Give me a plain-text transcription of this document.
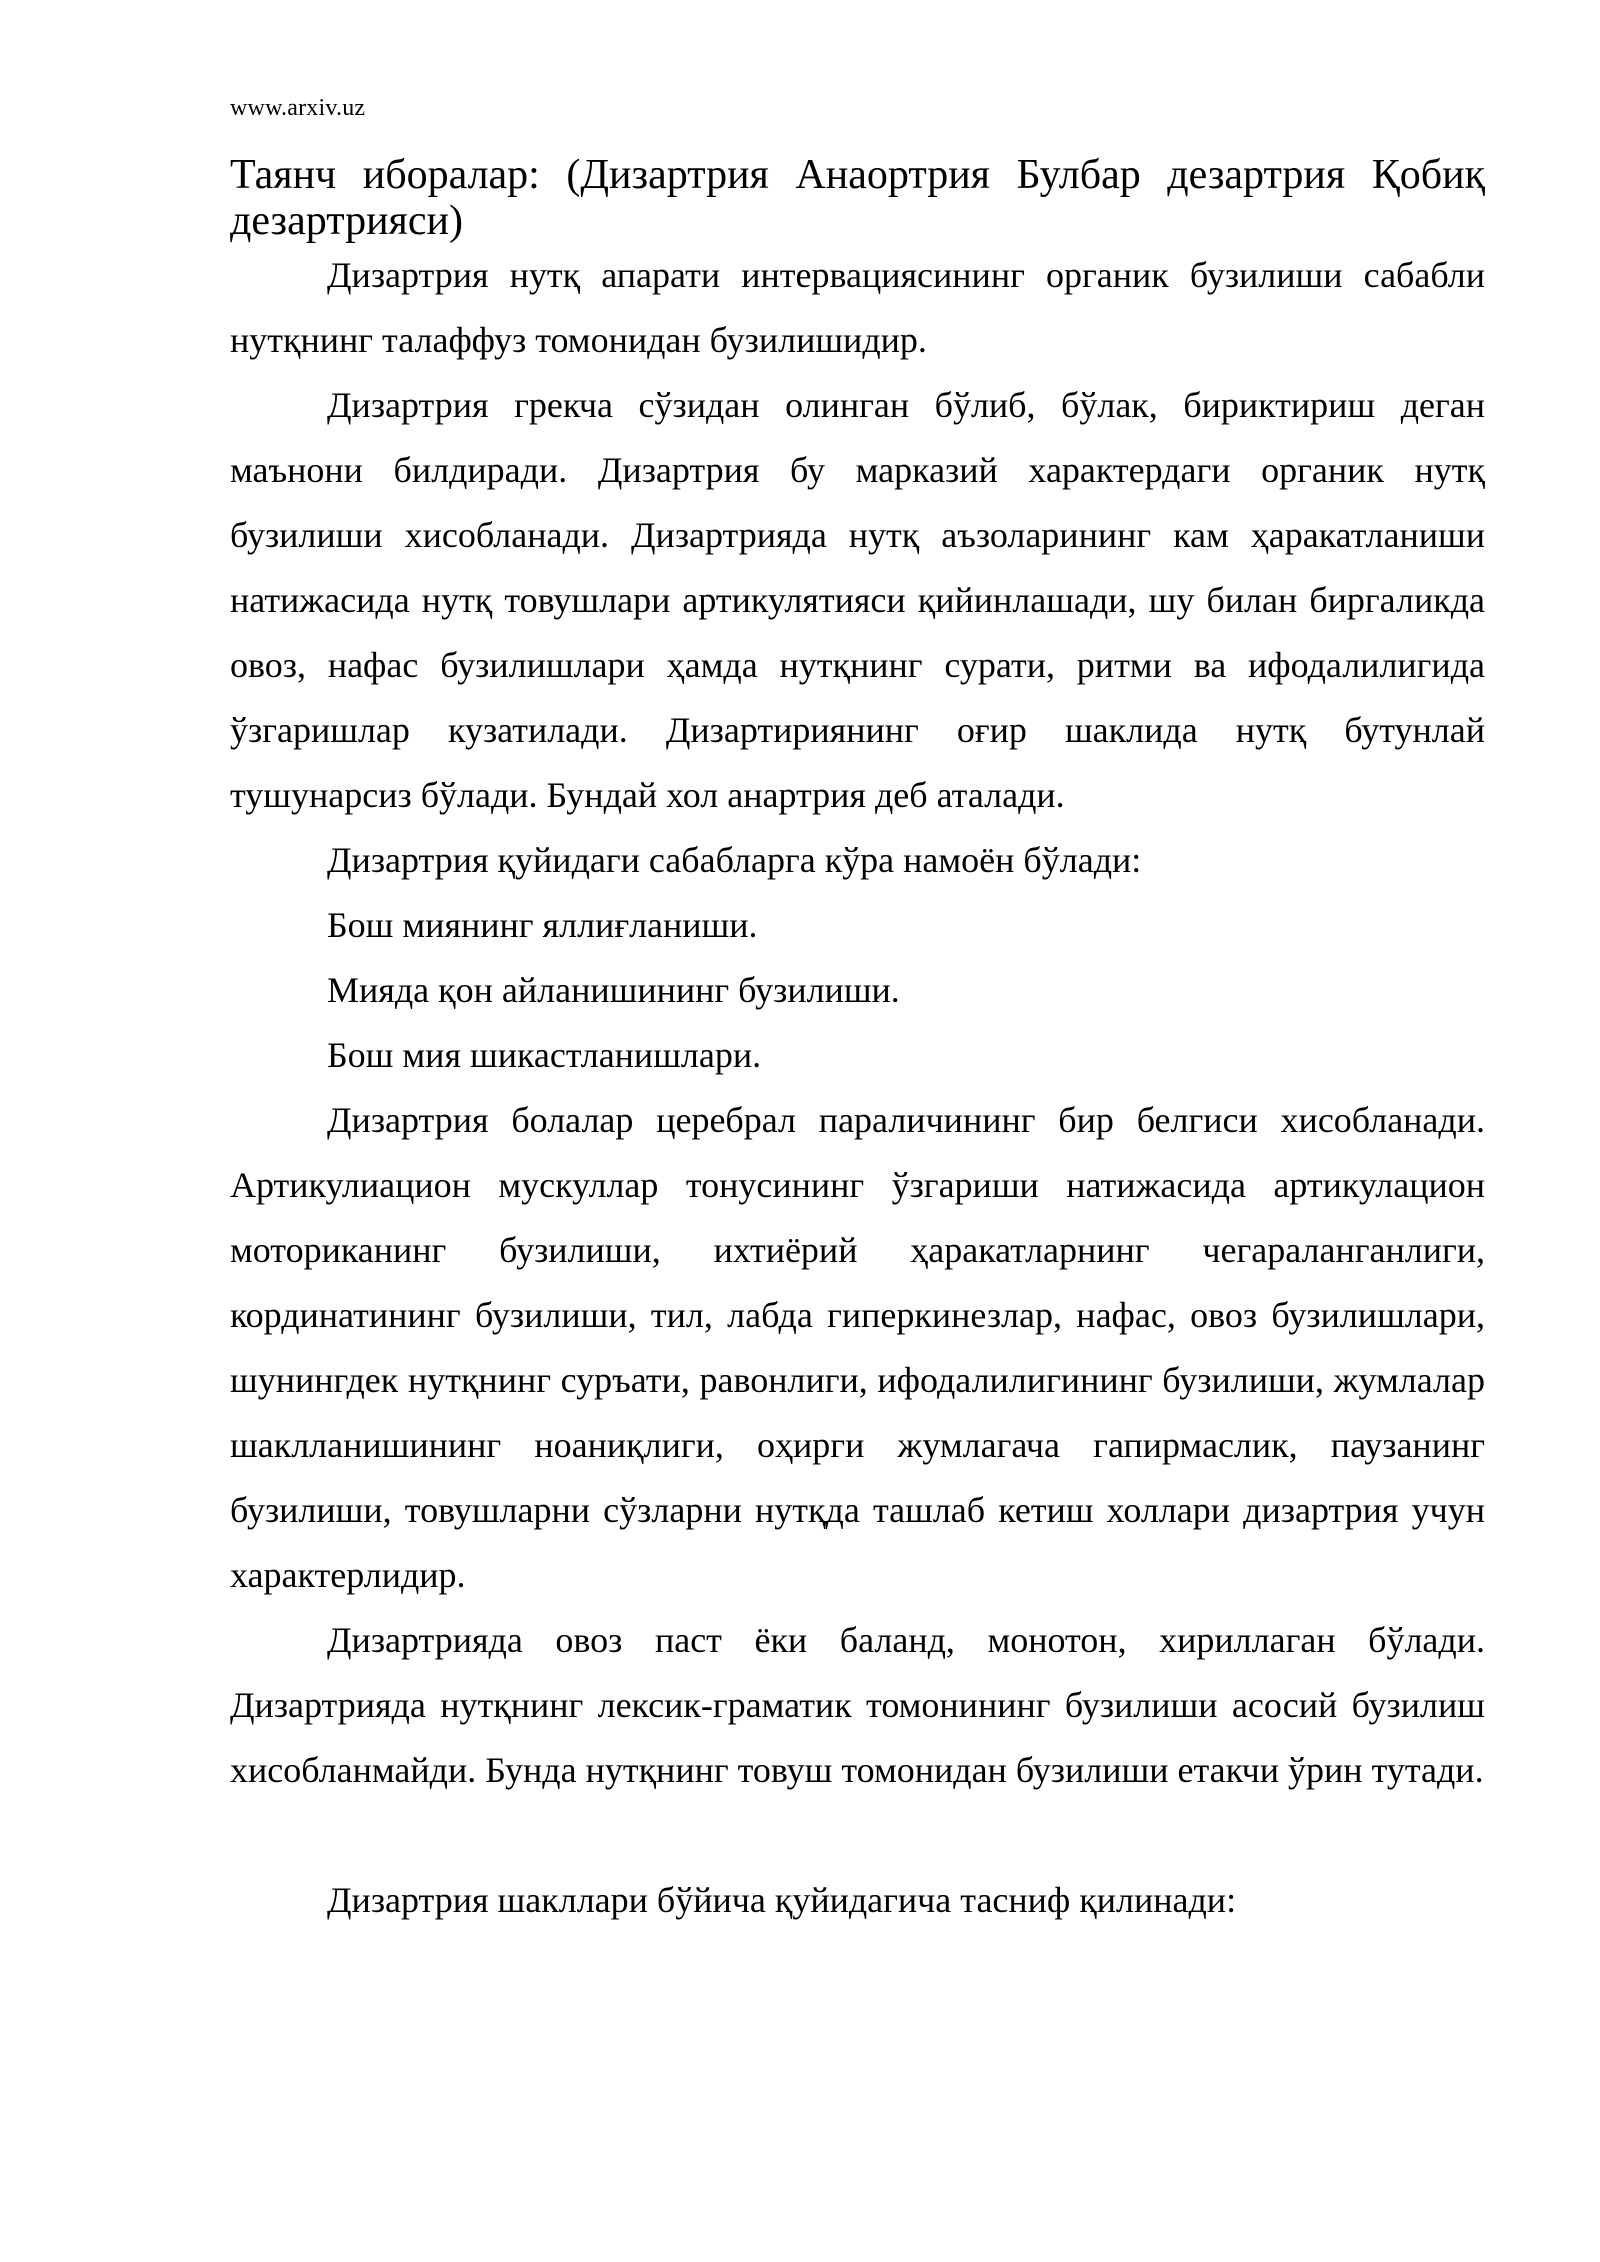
www.arxiv.uz
Таянч иборалар: (Дизартрия Анаортрия Булбар дезартрия Қобиқ дезартрияси)

Дизартрия нутқ апарати интервациясининг органик бузилиши сабабли нутқнинг талаффуз томонидан бузилишидир.

Дизартрия грекча сўзидан олинган бўлиб, бўлак, бириктириш деган маънони билдиради. Дизартрия бу марказий характердаги органик нутқ бузилиши хисобланади. Дизартрияда нутқ аъзоларининг кам ҳаракатланиши натижасида нутқ товушлари артикулятияси қийинлашади, шу билан биргаликда овоз, нафас бузилишлари ҳамда нутқнинг сурати, ритми ва ифодалилигида ўзгаришлар кузатилади. Дизартириянинг оғир шаклида нутқ бутунлай тушунарсиз бўлади. Бундай хол анартрия деб аталади.

Дизартрия қуйидаги сабабларга кўра намоён бўлади:

Бош миянинг яллиғланиши.

Мияда қон айланишининг бузилиши.

Бош мия шикастланишлари.

Дизартрия болалар церебрал параличининг бир белгиси хисобланади. Артикулиацион мускуллар тонусининг ўзгариши натижасида артикулацион моториканинг бузилиши, ихтиёрий ҳаракатларнинг чегараланганлиги, кординатининг бузилиши, тил, лабда гиперкинезлар, нафас, овоз бузилишлари, шунингдек нутқнинг суръати, равонлиги, ифодалилигининг бузилиши, жумлалар шаклланишининг ноаниқлиги, оҳирги жумлагача гапирмаслик, паузанинг бузилиши, товушларни сўзларни нутқда ташлаб кетиш холлари дизартрия учун характерлидир.

Дизартрияда овоз паст ёки баланд, монотон, хириллаган бўлади. Дизартрияда нутқнинг лексик-граматик томонининг бузилиши асосий бузилиш хисобланмайди. Бунда нутқнинг товуш томонидан бузилиши етакчи ўрин тутади.

Дизартрия шакллари бўйича қуйидагича тасниф қилинади:
